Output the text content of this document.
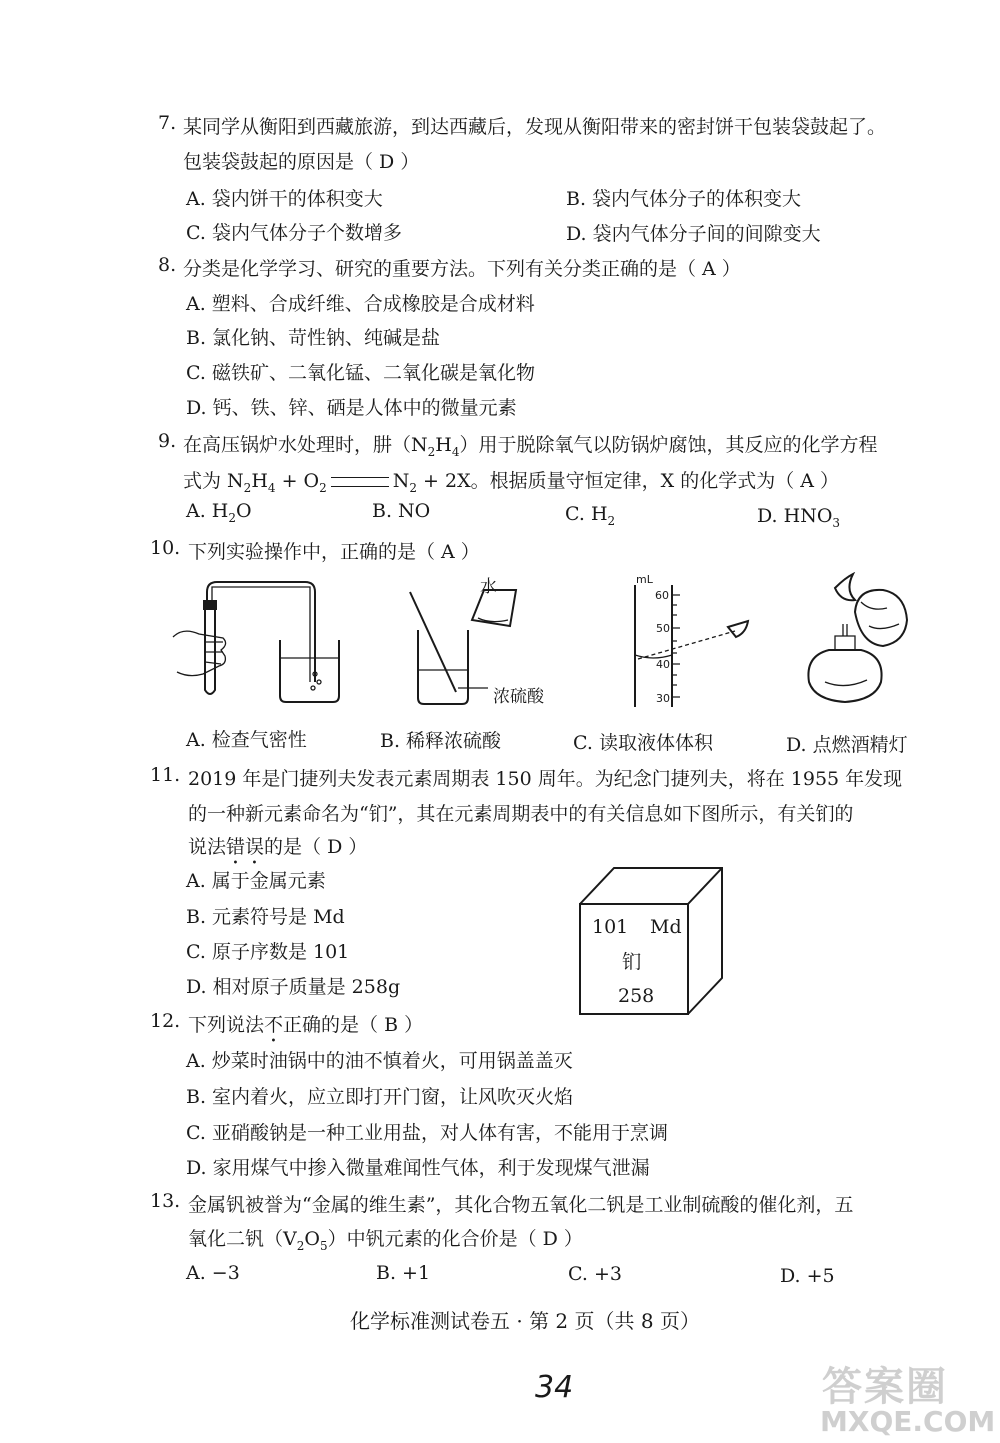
7. 某同学从衡阳到西藏旅游，到达西藏后，发现从衡阳带来的密封饼干包装袋鼓起了。
包装袋鼓起的原因是（ D ）
A. 袋内饼干的体积变大	B. 袋内气体分子的体积变大
C. 袋内气体分子个数增多	D. 袋内气体分子间的间隙变大
8. 分类是化学学习、研究的重要方法。下列有关分类正确的是（ A ）
A. 塑料、合成纤维、合成橡胶是合成材料
B. 氯化钠、苛性钠、纯碱是盐
C. 磁铁矿、二氧化锰、二氧化碳是氧化物
D. 钙、铁、锌、硒是人体中的微量元素
9. 在高压锅炉水处理时，肼$(N_2H_4)$用于脱除氧气以防锅炉腐蚀，其反应的化学方程
式为 $N_2H_4 + O_2$	$N_2 + 2X$。根据质量守恒定律，X 的化学式为（ A ）
A. $H_2O$	B. NO	C. $H_2$	D. $HNO_3$
10. 下列实验操作中，正确的是（ A ）
水
浓硫酸
mL
60
50
40
30
A. 检查气密性	B. 稀释浓硫酸	C. 读取液体体积	D. 点燃酒精灯
11. 2019 年是门捷列夫发表元素周期表 150 周年。为纪念门捷列夫，将在 1955 年发现
的一种新元素命名为“钔”，其在元素周期表中的有关信息如下图所示，有关钔的
说法错误的是（ D ）
A. 属于金属元素
B. 元素符号是 Md
C. 原子序数是 101
D. 相对原子质量是 258g
101 Md
钔
258
12. 下列说法不正确的是（ B ）
A. 炒菜时油锅中的油不慎着火，可用锅盖盖灭
B. 室内着火，应立即打开门窗，让风吹灭火焰
C. 亚硝酸钠是一种工业用盐，对人体有害，不能用于烹调
D. 家用煤气中掺入微量难闻性气体，利于发现煤气泄漏
13. 金属钒被誉为“金属的维生素”，其化合物五氧化二钒是工业制硫酸的催化剂，五
氧化二钒$(V_2O_5)$中钒元素的化合价是（ D ）
A. −3	B. +1	C. +3	D. +5
化学标准测试卷五 · 第 2 页（共 8 页）
34	答案圈
MXQE.COM
